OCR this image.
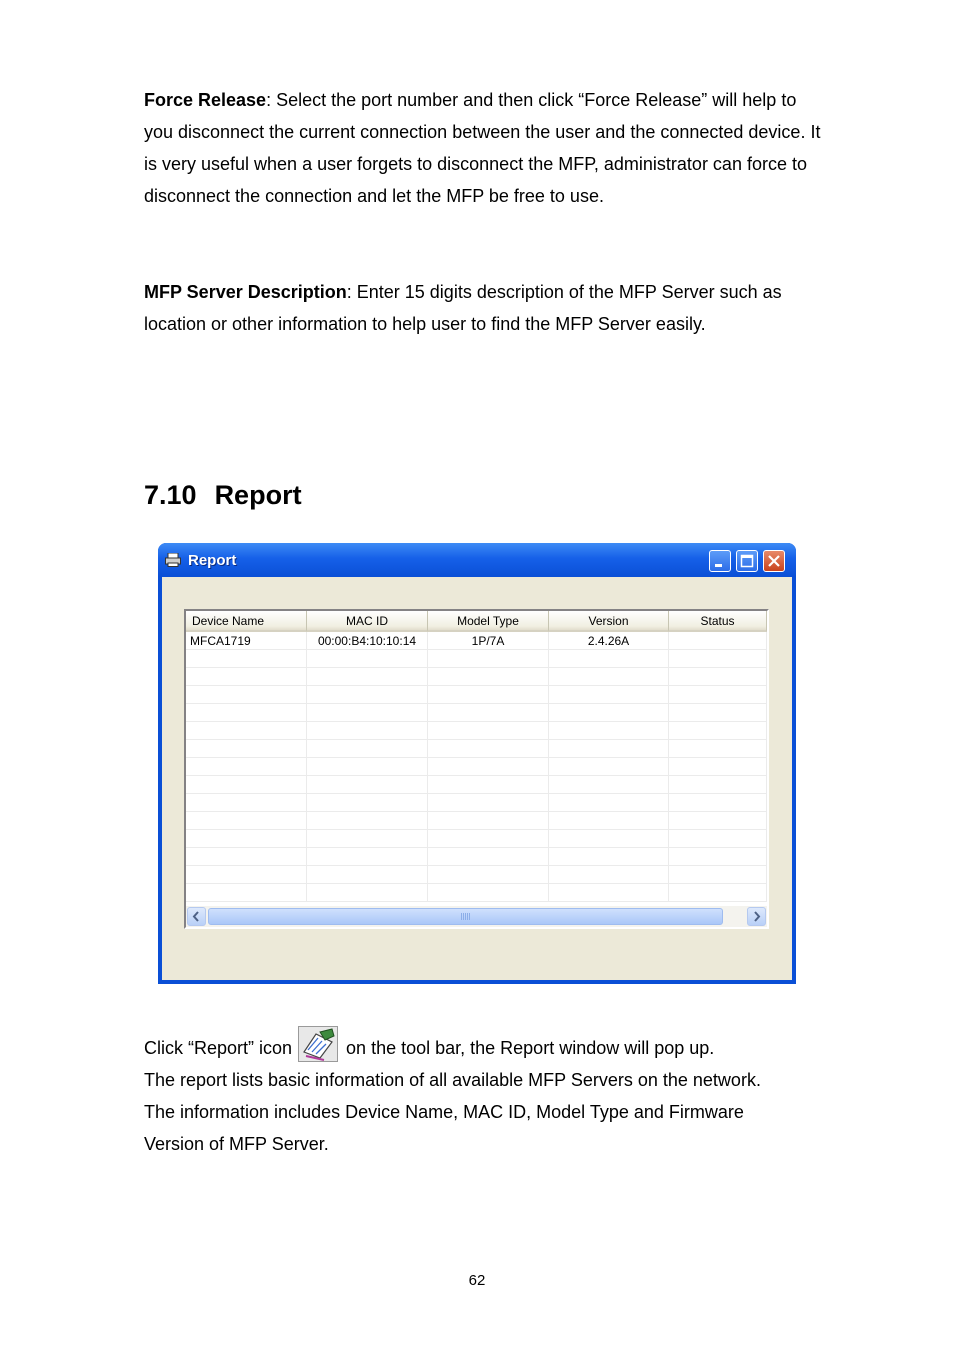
Force Release: Select the port number and then click “Force Release” will help to you disconnect the current connection between the user and the connected device. It is very useful when a user forgets to disconnect the MFP, administrator can force to disconnect the connection and let the MFP be free to use.

MFP Server Description: Enter 15 digits description of the MFP Server such as location or other information to help user to find the MFP Server easily.

7.10 Report
Report
Device Name	MAC ID	Model Type	Version	Status
MFCA1719	00:00:B4:10:10:14	1P/7A	2.4.26A

Click “Report” icon	on the tool bar, the Report window will pop up.
The report lists basic information of all available MFP Servers on the network.
The information includes Device Name, MAC ID, Model Type and Firmware
Version of MFP Server.

62
